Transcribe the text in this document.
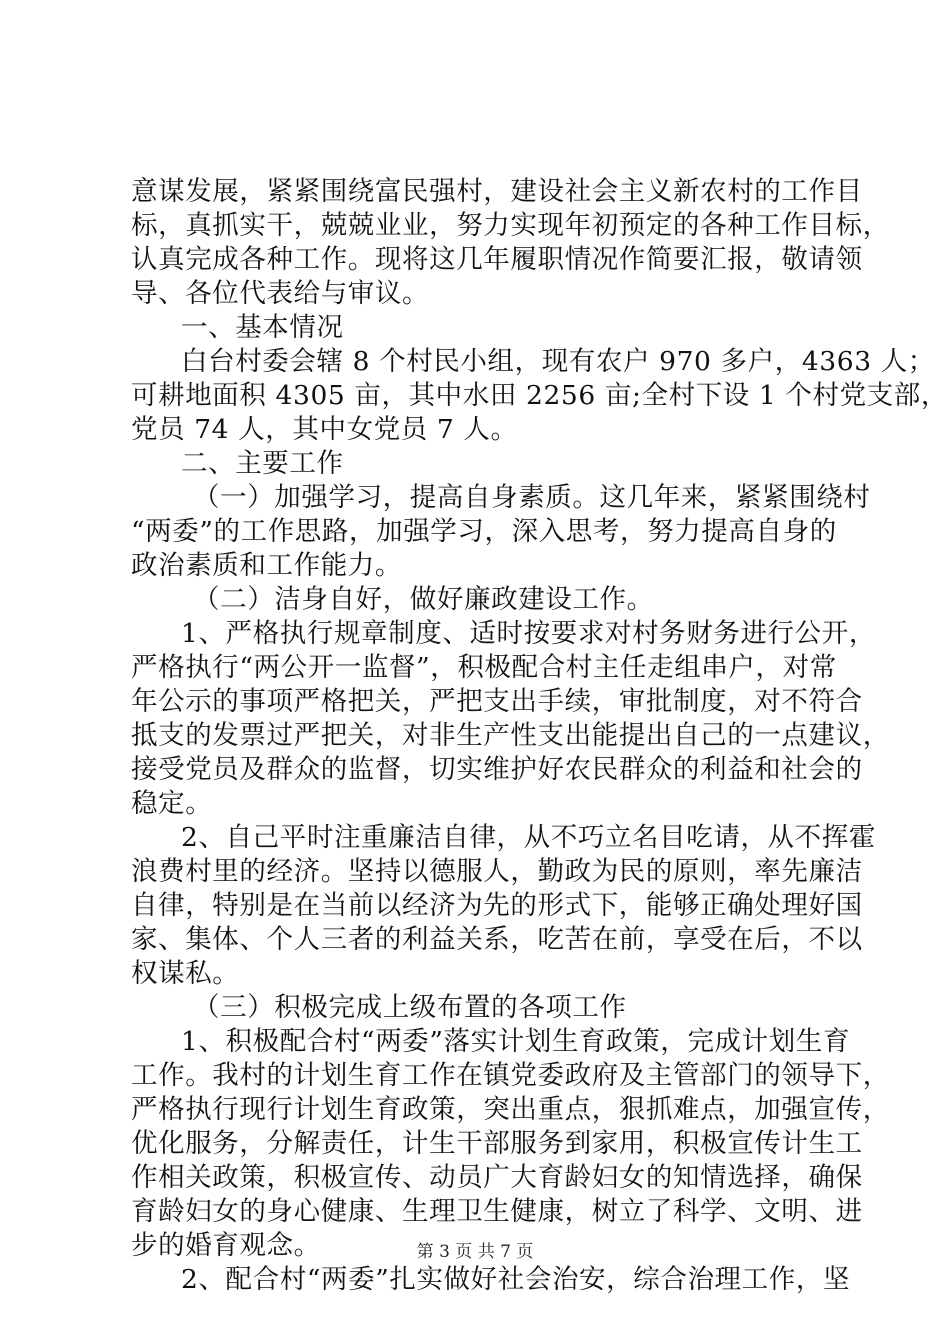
意谋发展，紧紧围绕富民强村，建设社会主义新农村的工作目
标，真抓实干，兢兢业业，努力实现年初预定的各种工作目标，
认真完成各种工作。现将这几年履职情况作简要汇报，敬请领
导、各位代表给与审议。
一、基本情况
白台村委会辖 8 个村民小组，现有农户 970 多户，4363 人；
可耕地面积 4305 亩，其中水田 2256 亩;全村下设 1 个村党支部，
党员 74 人，其中女党员 7 人。
二、主要工作
（一）加强学习，提高自身素质。这几年来，紧紧围绕村
“两委”的工作思路，加强学习，深入思考，努力提高自身的
政治素质和工作能力。
（二）洁身自好，做好廉政建设工作。
1、严格执行规章制度、适时按要求对村务财务进行公开，
严格执行“两公开一监督”，积极配合村主任走组串户，对常
年公示的事项严格把关，严把支出手续，审批制度，对不符合
抵支的发票过严把关，对非生产性支出能提出自己的一点建议，
接受党员及群众的监督，切实维护好农民群众的利益和社会的
稳定。
2、自己平时注重廉洁自律，从不巧立名目吃请，从不挥霍
浪费村里的经济。坚持以德服人，勤政为民的原则，率先廉洁
自律，特别是在当前以经济为先的形式下，能够正确处理好国
家、集体、个人三者的利益关系，吃苦在前，享受在后，不以
权谋私。
（三）积极完成上级布置的各项工作
1、积极配合村“两委”落实计划生育政策，完成计划生育
工作。我村的计划生育工作在镇党委政府及主管部门的领导下，
严格执行现行计划生育政策，突出重点，狠抓难点，加强宣传，
优化服务，分解责任，计生干部服务到家用，积极宣传计生工
作相关政策，积极宣传、动员广大育龄妇女的知情选择，确保
育龄妇女的身心健康、生理卫生健康，树立了科学、文明、进
步的婚育观念。
2、配合村“两委”扎实做好社会治安，综合治理工作，坚
第 3 页 共 7 页
